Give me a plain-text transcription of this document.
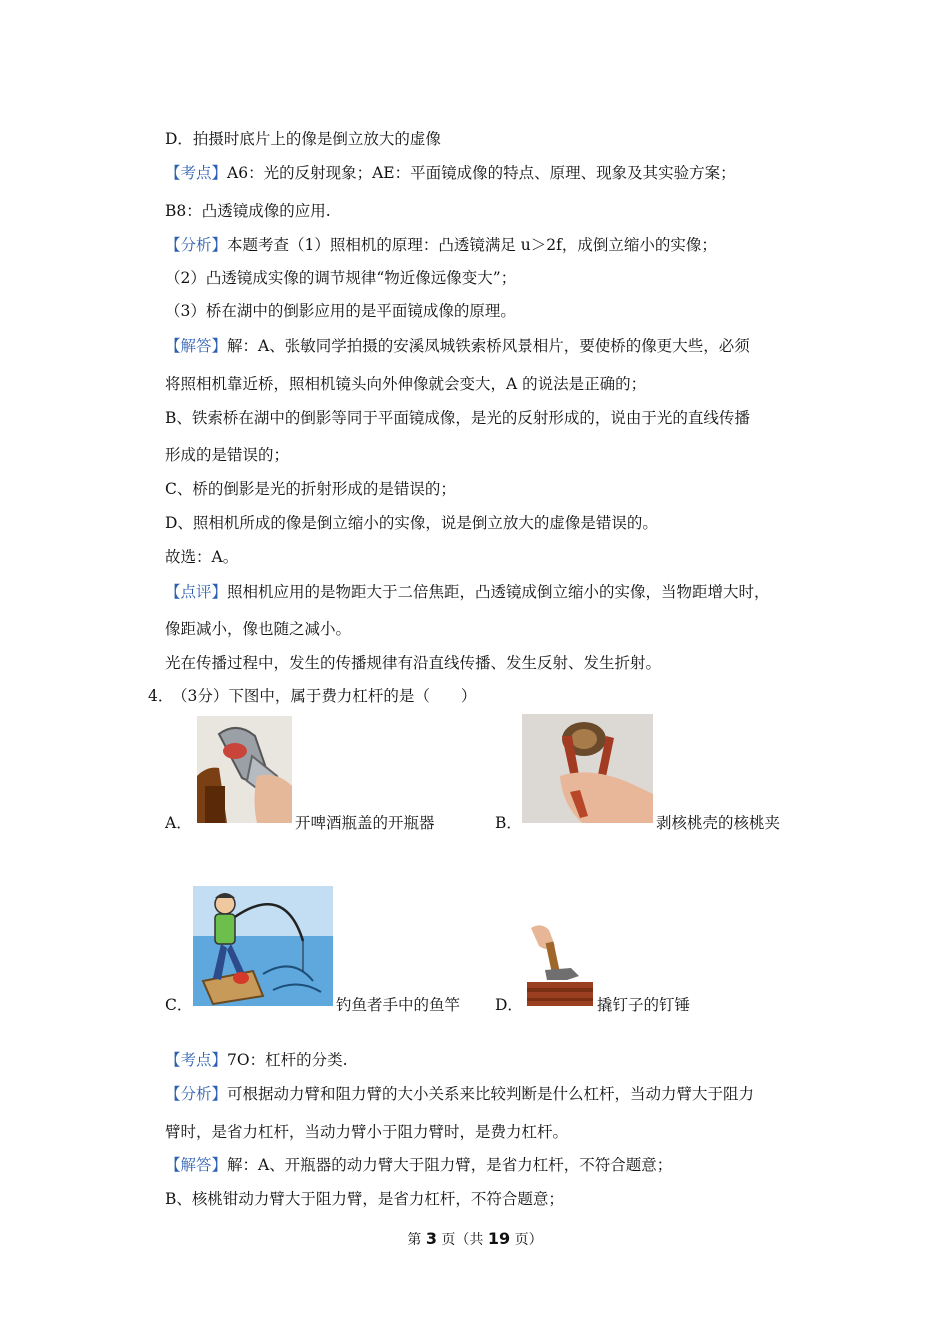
D．拍摄时底片上的像是倒立放大的虚像
【考点】A6：光的反射现象；AE：平面镜成像的特点、原理、现象及其实验方案；
B8：凸透镜成像的应用.
【分析】本题考查（1）照相机的原理：凸透镜满足 u＞2f，成倒立缩小的实像；
（2）凸透镜成实像的调节规律“物近像远像变大”；
（3）桥在湖中的倒影应用的是平面镜成像的原理。
【解答】解：A、张敏同学拍摄的安溪凤城铁索桥风景相片，要使桥的像更大些，必须
将照相机靠近桥，照相机镜头向外伸像就会变大，A 的说法是正确的；
B、铁索桥在湖中的倒影等同于平面镜成像，是光的反射形成的，说由于光的直线传播
形成的是错误的；
C、桥的倒影是光的折射形成的是错误的；
D、照相机所成的像是倒立缩小的实像，说是倒立放大的虚像是错误的。
故选：A。
【点评】照相机应用的是物距大于二倍焦距，凸透镜成倒立缩小的实像，当物距增大时，
像距减小，像也随之减小。
光在传播过程中，发生的传播规律有沿直线传播、发生反射、发生折射。
4．
（3分）下图中，属于费力杠杆的是（　　）
A．	开啤酒瓶盖的开瓶器	B．	剥核桃壳的核桃夹
C．	钓鱼者手中的鱼竿 D．	撬钉子的钉锤
【考点】7O：杠杆的分类.
【分析】可根据动力臂和阻力臂的大小关系来比较判断是什么杠杆，当动力臂大于阻力
臂时，是省力杠杆，当动力臂小于阻力臂时，是费力杠杆。
【解答】解：A、开瓶器的动力臂大于阻力臂，是省力杠杆，不符合题意；
B、核桃钳动力臂大于阻力臂，是省力杠杆，不符合题意；
第 3 页（共 19 页）
